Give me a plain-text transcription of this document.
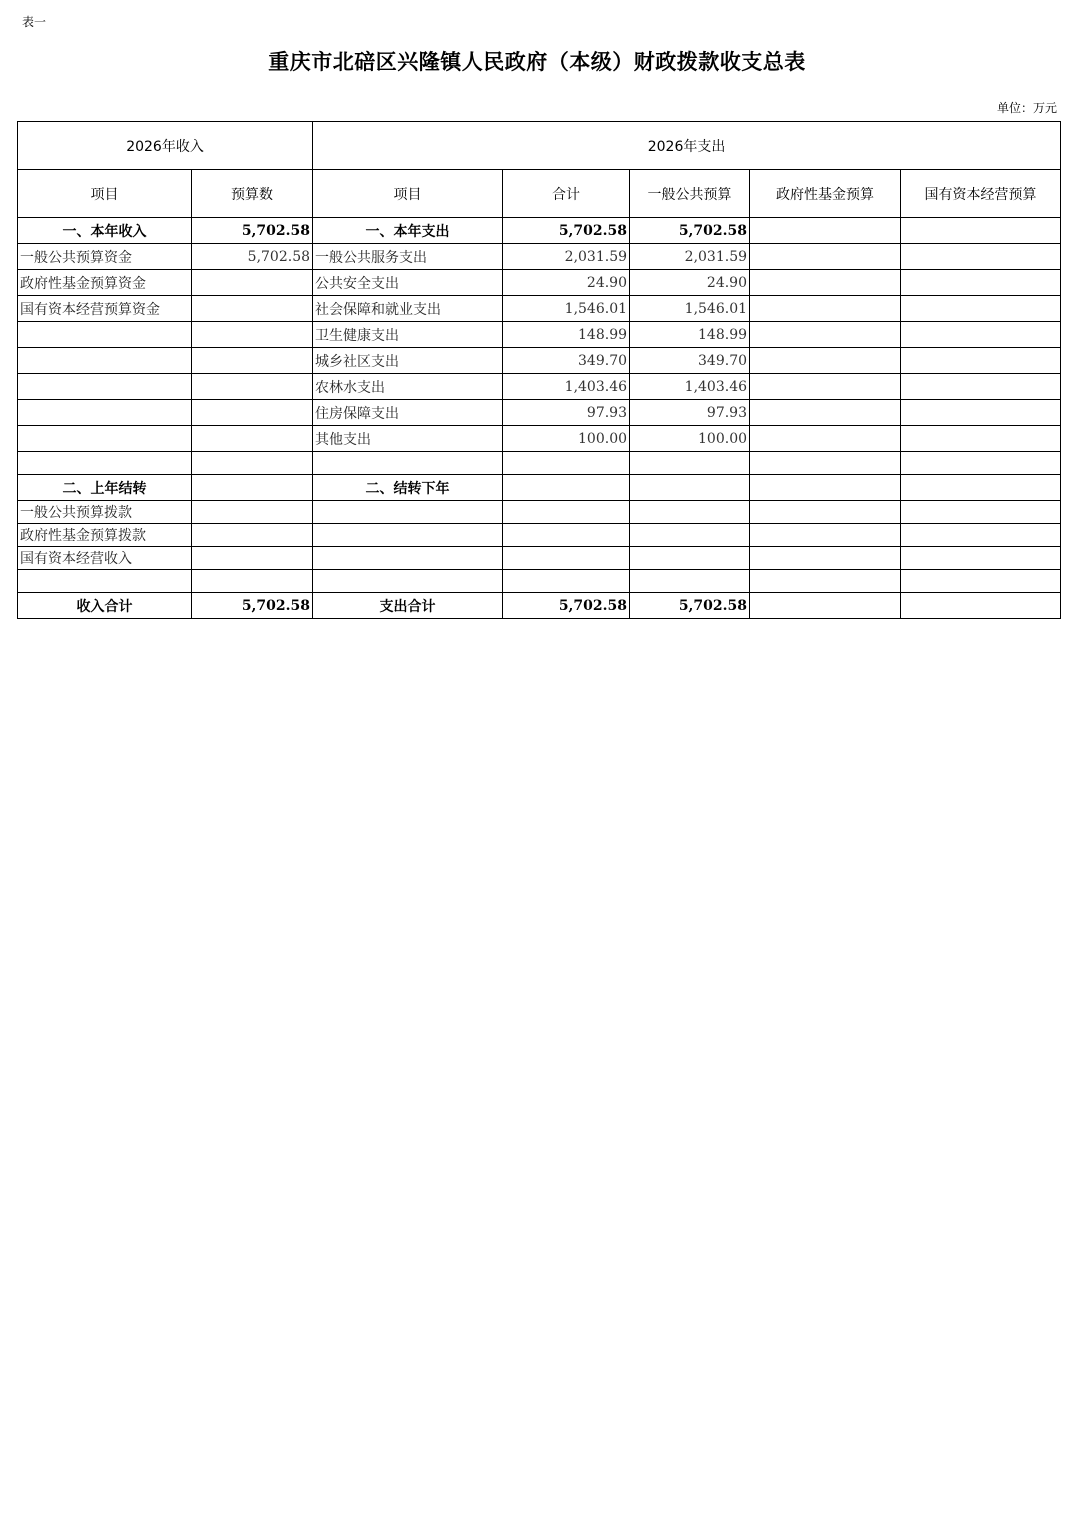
表一
重庆市北碚区兴隆镇人民政府（本级）财政拨款收支总表
单位：万元
2026年收入		2026年支出				
项目	预算数	项目	合计	一般公共预算	政府性基金预算	国有资本经营预算
一、本年收入	5,702.58	一、本年支出	5,702.58	5,702.58		
一般公共预算资金	5,702.58	一般公共服务支出	2,031.59	2,031.59		
政府性基金预算资金		公共安全支出	24.90	24.90		
国有资本经营预算资金		社会保障和就业支出	1,546.01	1,546.01		
		卫生健康支出	148.99	148.99		
		城乡社区支出	349.70	349.70		
		农林水支出	1,403.46	1,403.46		
		住房保障支出	97.93	97.93		
		其他支出	100.00	100.00		

二、上年结转		二、结转下年				
一般公共预算拨款						
政府性基金预算拨款						
国有资本经营收入						

收入合计	5,702.58	支出合计	5,702.58	5,702.58		
